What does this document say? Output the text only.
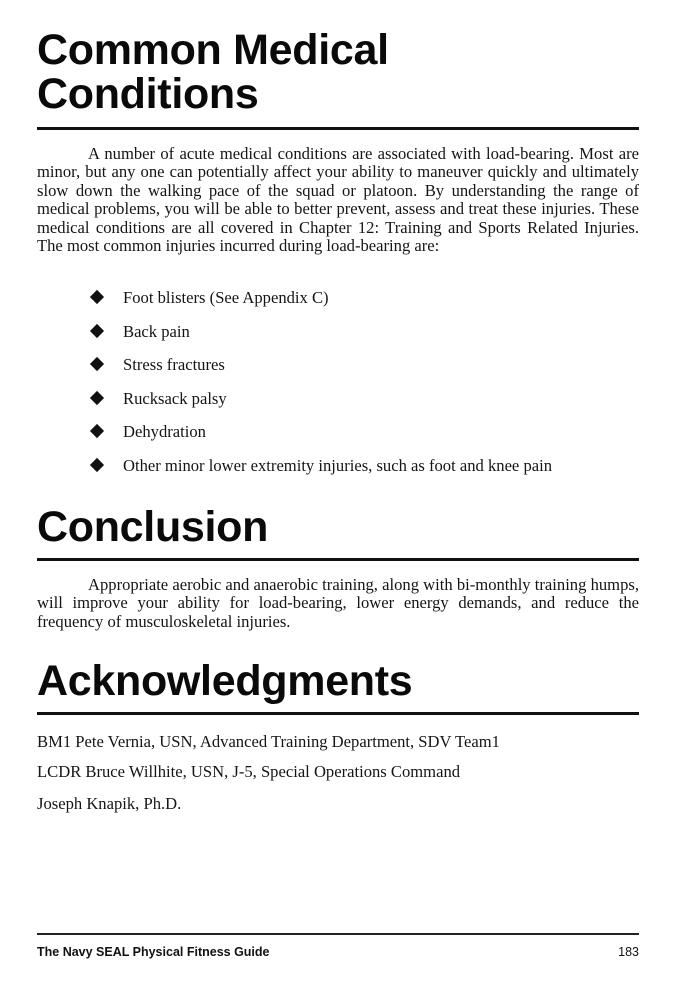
Common Medical
Conditions

A number of acute medical conditions are associated with load-bearing. Most are minor, but any one can potentially affect your ability to maneuver quickly and ultimately slow down the walking pace of the squad or platoon. By understanding the range of medical problems, you will be able to better prevent, assess and treat these injuries. These medical conditions are all covered in Chapter 12: Training and Sports Related Injuries. The most common injuries incurred during load-bearing are:

Foot blisters (See Appendix C)
Back pain
Stress fractures
Rucksack palsy
Dehydration
Other minor lower extremity injuries, such as foot and knee pain
Conclusion

Appropriate aerobic and anaerobic training, along with bi-monthly training humps, will improve your ability for load-bearing, lower energy demands, and reduce the frequency of musculoskeletal injuries.

Acknowledgments
BM1 Pete Vernia, USN, Advanced Training Department, SDV Team1
LCDR Bruce Willhite, USN, J-5, Special Operations Command
Joseph Knapik, Ph.D.
The Navy SEAL Physical Fitness Guide	183
